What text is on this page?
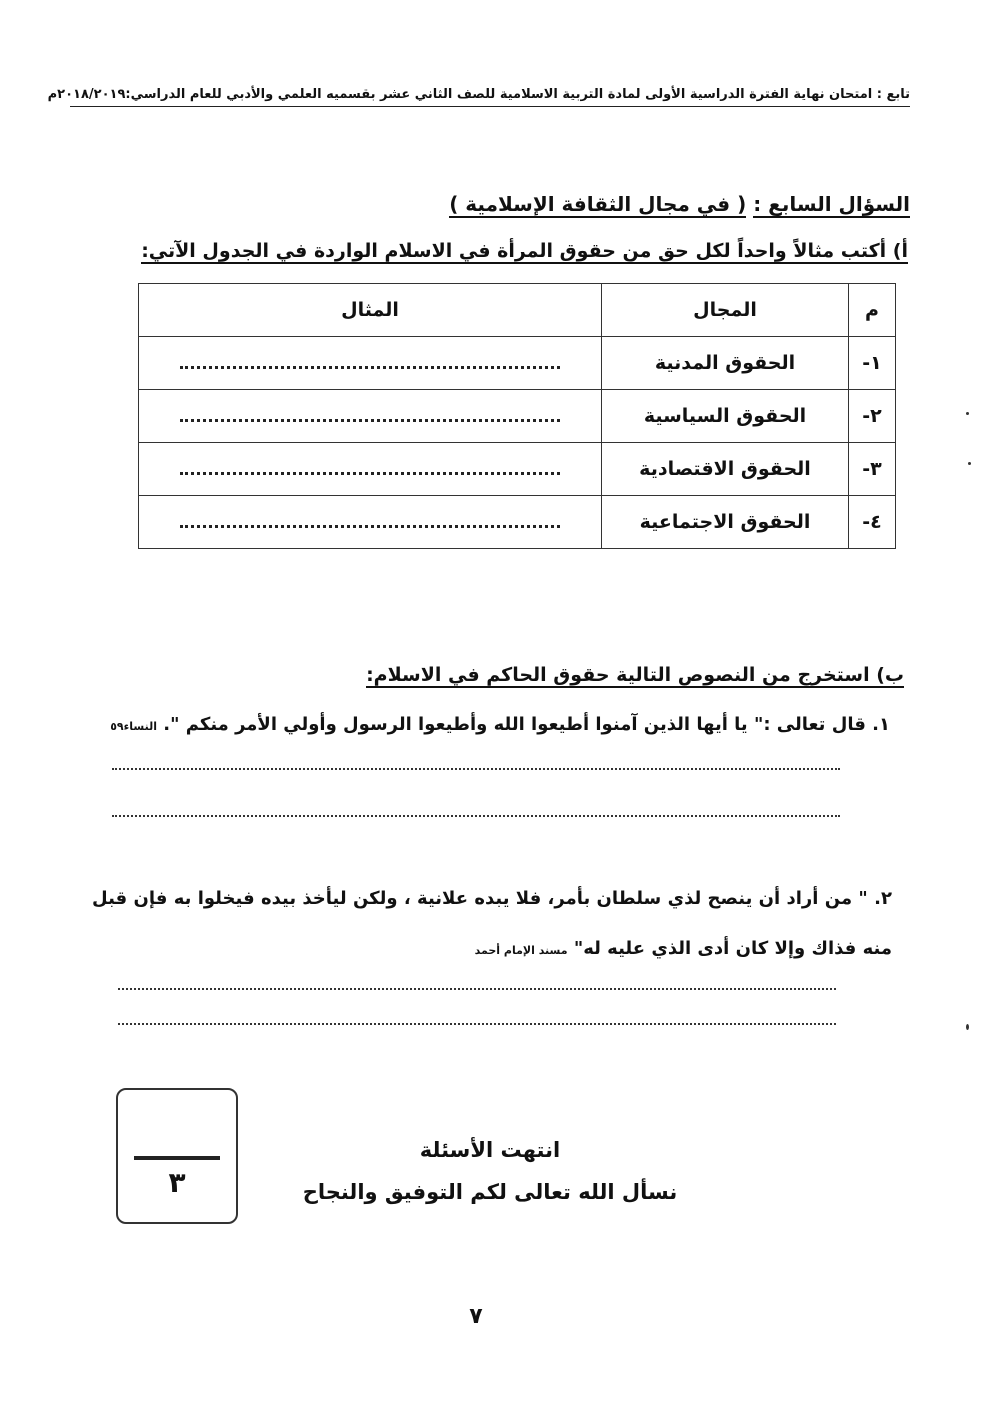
تابع : امتحان نهاية الفترة الدراسية الأولى لمادة التربية الاسلامية للصف الثاني عشر بقسميه العلمي والأدبي للعام الدراسي:٢٠١٨/٢٠١٩م
السؤال السابع : ( في مجال الثقافة الإسلامية )
أ) أكتب مثالاً واحداً لكل حق من حقوق المرأة في الاسلام الواردة في الجدول الآتي:
م	المجال	المثال
١-	الحقوق المدنية	
٢-	الحقوق السياسية	
٣-	الحقوق الاقتصادية	
٤-	الحقوق الاجتماعية	
ب) استخرج من النصوص التالية حقوق الحاكم في الاسلام:
١. قال تعالى :" يا أيها الذين آمنوا أطيعوا الله وأطيعوا الرسول وأولي الأمر منكم ". النساء٥٩
٢. " من أراد أن ينصح لذي سلطان بأمر، فلا يبده علانية ، ولكن ليأخذ بيده فيخلوا به فإن قبل منه فذاك وإلا كان أدى الذي عليه له" مسند الإمام أحمد
٣
انتهت الأسئلة
نسأل الله تعالى لكم التوفيق والنجاح
٧
